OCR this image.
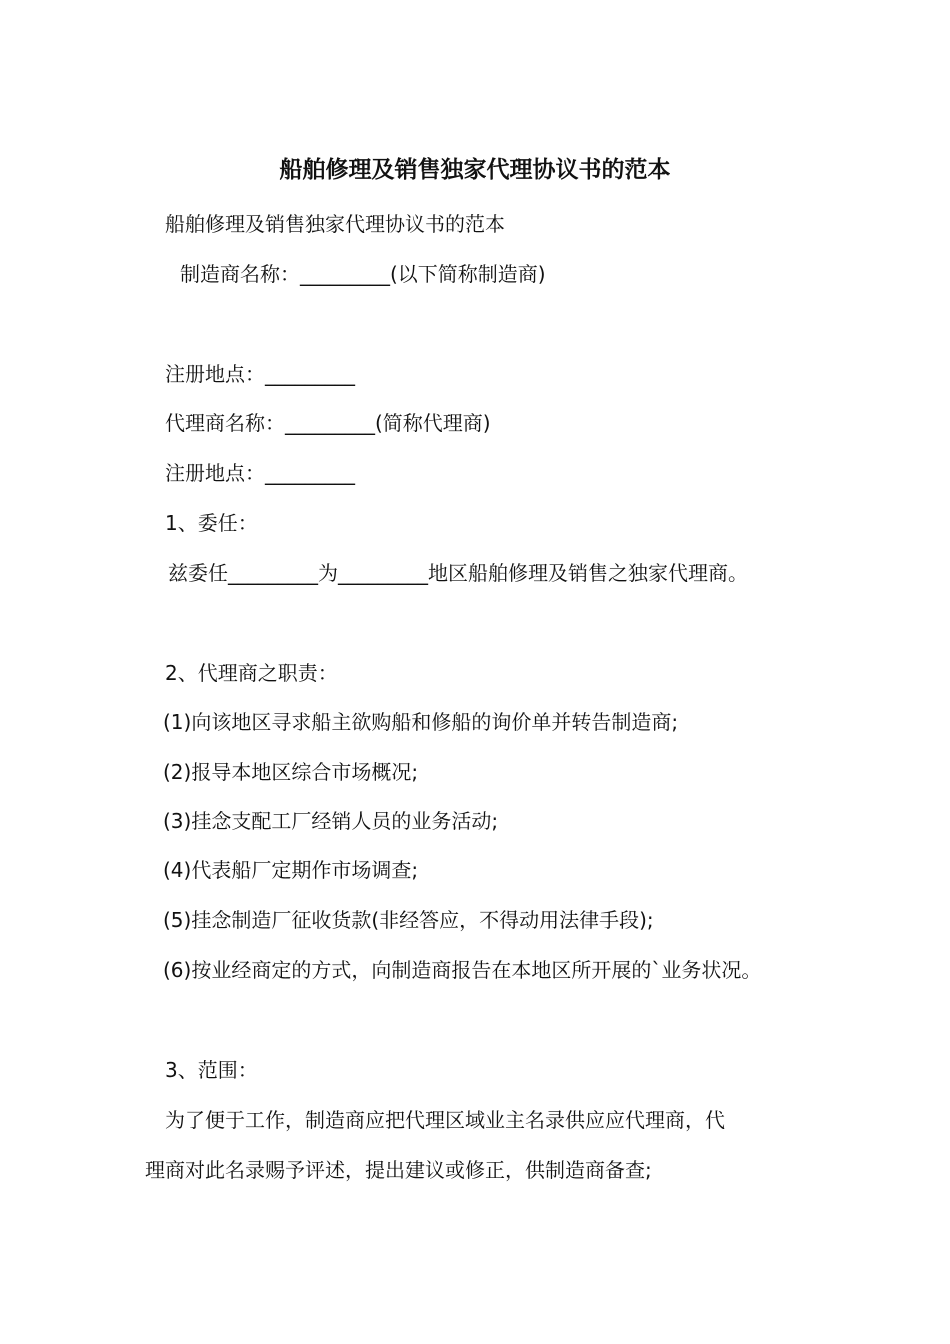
船舶修理及销售独家代理协议书的范本
船舶修理及销售独家代理协议书的范本
制造商名称：_________(以下简称制造商)
注册地点：_________
代理商名称：_________(简称代理商)
注册地点：_________
1、委任：
兹委任_________为_________地区船舶修理及销售之独家代理商。
2、代理商之职责：
(1)向该地区寻求船主欲购船和修船的询价单并转告制造商;
(2)报导本地区综合市场概况;
(3)挂念支配工厂经销人员的业务活动;
(4)代表船厂定期作市场调查;
(5)挂念制造厂征收货款(非经答应，不得动用法律手段);
(6)按业经商定的方式，向制造商报告在本地区所开展的`业务状况。
3、范围：
为了便于工作，制造商应把代理区域业主名录供应应代理商，代
理商对此名录赐予评述，提出建议或修正，供制造商备查;
